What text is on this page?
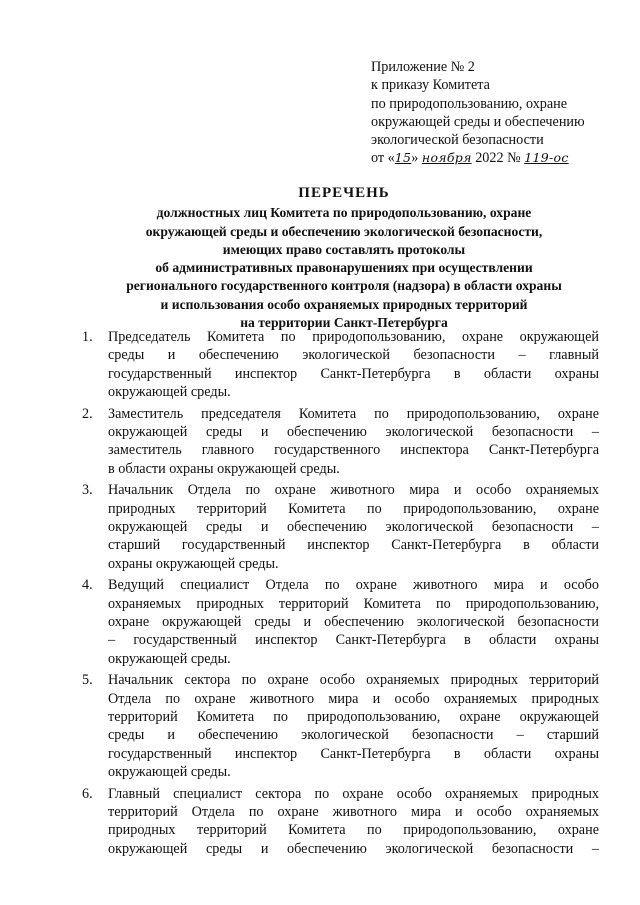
Приложение № 2
к приказу Комитета
по природопользованию, охране
окружающей среды и обеспечению
экологической безопасности
от «15» ноября 2022 № 119-ос
ПЕРЕЧЕНЬ
должностных лиц Комитета по природопользованию, охране
окружающей среды и обеспечению экологической безопасности,
имеющих право составлять протоколы
об административных правонарушениях при осуществлении
регионального государственного контроля (надзора) в области охраны
и использования особо охраняемых природных территорий
на территории Санкт-Петербурга
1. Председатель Комитета по природопользованию, охране окружающей
среды и обеспечению экологической безопасности – главный
государственный инспектор Санкт-Петербурга в области охраны
окружающей среды.
2. Заместитель председателя Комитета по природопользованию, охране
окружающей среды и обеспечению экологической безопасности –
заместитель главного государственного инспектора Санкт-Петербурга
в области охраны окружающей среды.
3. Начальник Отдела по охране животного мира и особо охраняемых
природных территорий Комитета по природопользованию, охране
окружающей среды и обеспечению экологической безопасности –
старший государственный инспектор Санкт-Петербурга в области
охраны окружающей среды.
4. Ведущий специалист Отдела по охране животного мира и особо
охраняемых природных территорий Комитета по природопользованию,
охране окружающей среды и обеспечению экологической безопасности
– государственный инспектор Санкт-Петербурга в области охраны
окружающей среды.
5. Начальник сектора по охране особо охраняемых природных территорий
Отдела по охране животного мира и особо охраняемых природных
территорий Комитета по природопользованию, охране окружающей
среды и обеспечению экологической безопасности – старший
государственный инспектор Санкт-Петербурга в области охраны
окружающей среды.
6. Главный специалист сектора по охране особо охраняемых природных
территорий Отдела по охране животного мира и особо охраняемых
природных территорий Комитета по природопользованию, охране
окружающей среды и обеспечению экологической безопасности –
